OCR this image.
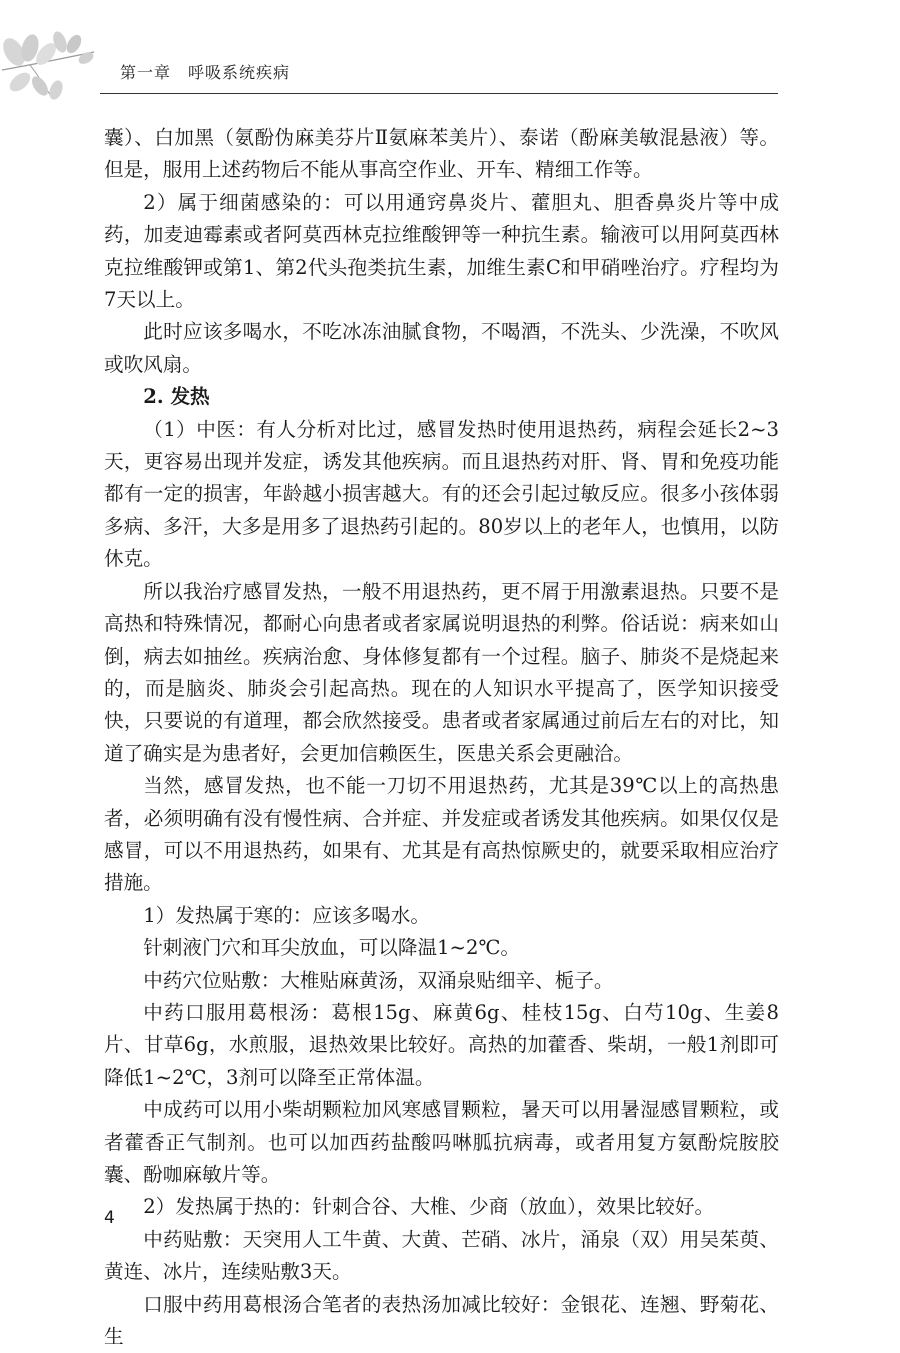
第一章　呼吸系统疾病

囊）、白加黑（氨酚伪麻美芬片Ⅱ氨麻苯美片）、泰诺（酚麻美敏混悬液）等。但是，服用上述药物后不能从事高空作业、开车、精细工作等。

2）属于细菌感染的：可以用通窍鼻炎片、藿胆丸、胆香鼻炎片等中成药，加麦迪霉素或者阿莫西林克拉维酸钾等一种抗生素。输液可以用阿莫西林克拉维酸钾或第1、第2代头孢类抗生素，加维生素C和甲硝唑治疗。疗程均为7天以上。

此时应该多喝水，不吃冰冻油腻食物，不喝酒，不洗头、少洗澡，不吹风或吹风扇。

2. 发热

（1）中医：有人分析对比过，感冒发热时使用退热药，病程会延长2~3天，更容易出现并发症，诱发其他疾病。而且退热药对肝、肾、胃和免疫功能都有一定的损害，年龄越小损害越大。有的还会引起过敏反应。很多小孩体弱多病、多汗，大多是用多了退热药引起的。80岁以上的老年人，也慎用，以防休克。

所以我治疗感冒发热，一般不用退热药，更不屑于用激素退热。只要不是高热和特殊情况，都耐心向患者或者家属说明退热的利弊。俗话说：病来如山倒，病去如抽丝。疾病治愈、身体修复都有一个过程。脑子、肺炎不是烧起来的，而是脑炎、肺炎会引起高热。现在的人知识水平提高了，医学知识接受快，只要说的有道理，都会欣然接受。患者或者家属通过前后左右的对比，知道了确实是为患者好，会更加信赖医生，医患关系会更融洽。

当然，感冒发热，也不能一刀切不用退热药，尤其是39℃以上的高热患者，必须明确有没有慢性病、合并症、并发症或者诱发其他疾病。如果仅仅是感冒，可以不用退热药，如果有、尤其是有高热惊厥史的，就要采取相应治疗措施。

1）发热属于寒的：应该多喝水。

针刺液门穴和耳尖放血，可以降温1~2℃。

中药穴位贴敷：大椎贴麻黄汤，双涌泉贴细辛、栀子。

中药口服用葛根汤：葛根15g、麻黄6g、桂枝15g、白芍10g、生姜8片、甘草6g，水煎服，退热效果比较好。高热的加藿香、柴胡，一般1剂即可降低1~2℃，3剂可以降至正常体温。

中成药可以用小柴胡颗粒加风寒感冒颗粒，暑天可以用暑湿感冒颗粒，或者藿香正气制剂。也可以加西药盐酸吗啉胍抗病毒，或者用复方氨酚烷胺胶囊、酚咖麻敏片等。

2）发热属于热的：针刺合谷、大椎、少商（放血），效果比较好。

中药贴敷：天突用人工牛黄、大黄、芒硝、冰片，涌泉（双）用吴茱萸、黄连、冰片，连续贴敷3天。

口服中药用葛根汤合笔者的表热汤加减比较好：金银花、连翘、野菊花、生

4
